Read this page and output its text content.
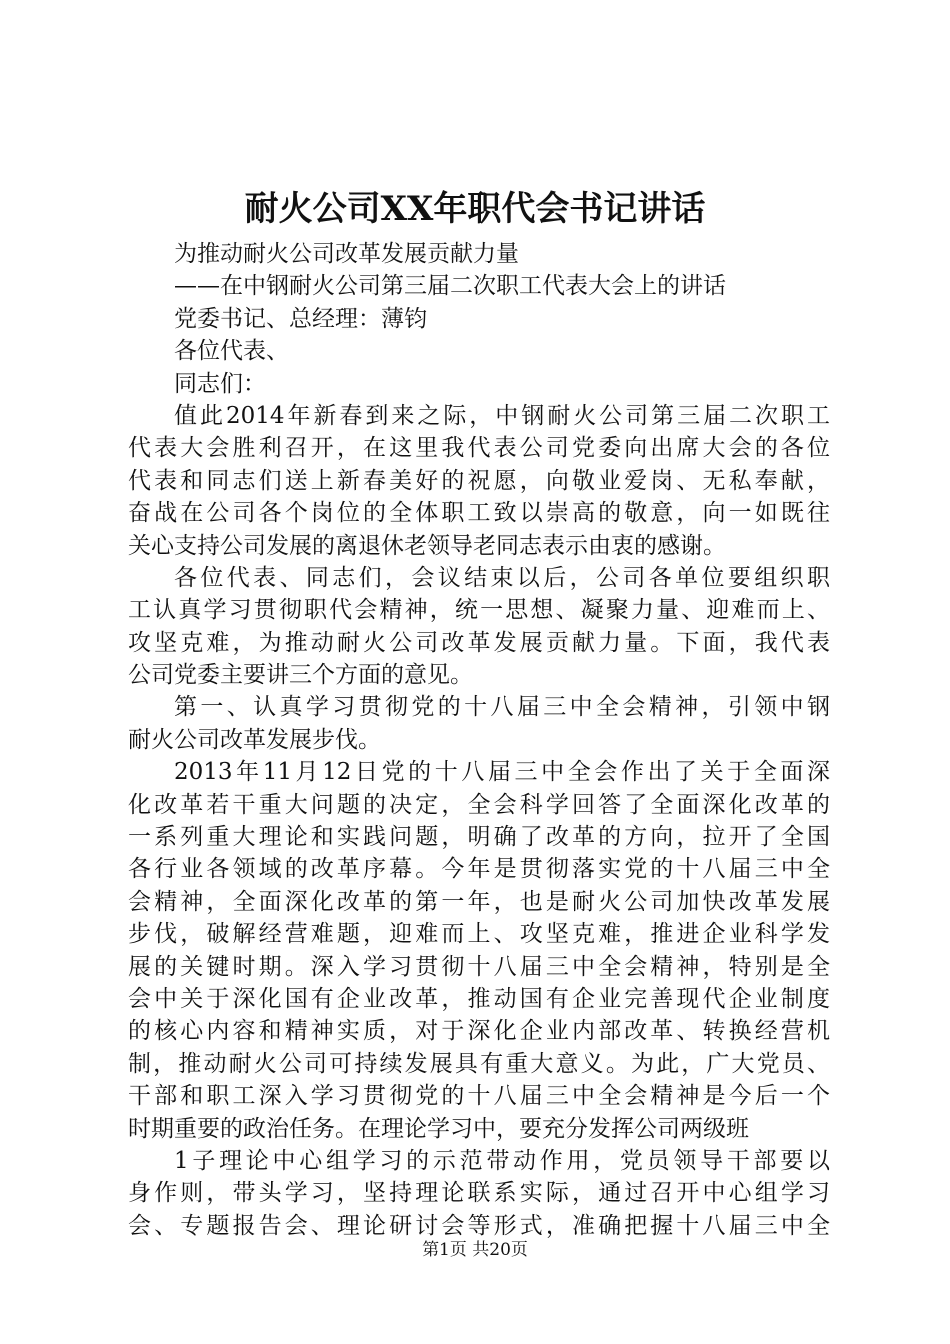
耐火公司XX年职代会书记讲话
为推动耐火公司改革发展贡献力量
——在中钢耐火公司第三届二次职工代表大会上的讲话
党委书记、总经理：薄钧
各位代表、
同志们：
值此2014年新春到来之际，中钢耐火公司第三届二次职工
代表大会胜利召开，在这里我代表公司党委向出席大会的各位
代表和同志们送上新春美好的祝愿，向敬业爱岗、无私奉献，
奋战在公司各个岗位的全体职工致以崇高的敬意，向一如既往
关心支持公司发展的离退休老领导老同志表示由衷的感谢。
各位代表、同志们，会议结束以后，公司各单位要组织职
工认真学习贯彻职代会精神，统一思想、凝聚力量、迎难而上、
攻坚克难，为推动耐火公司改革发展贡献力量。下面，我代表
公司党委主要讲三个方面的意见。
第一、认真学习贯彻党的十八届三中全会精神，引领中钢
耐火公司改革发展步伐。
2013年11月12日党的十八届三中全会作出了关于全面深
化改革若干重大问题的决定，全会科学回答了全面深化改革的
一系列重大理论和实践问题，明确了改革的方向，拉开了全国
各行业各领域的改革序幕。今年是贯彻落实党的十八届三中全
会精神，全面深化改革的第一年，也是耐火公司加快改革发展
步伐，破解经营难题，迎难而上、攻坚克难，推进企业科学发
展的关键时期。深入学习贯彻十八届三中全会精神，特别是全
会中关于深化国有企业改革，推动国有企业完善现代企业制度
的核心内容和精神实质，对于深化企业内部改革、转换经营机
制，推动耐火公司可持续发展具有重大意义。为此，广大党员、
干部和职工深入学习贯彻党的十八届三中全会精神是今后一个
时期重要的政治任务。在理论学习中，要充分发挥公司两级班
1子理论中心组学习的示范带动作用，党员领导干部要以
身作则，带头学习，坚持理论联系实际，通过召开中心组学习
会、专题报告会、理论研讨会等形式，准确把握十八届三中全
第1页 共20页
